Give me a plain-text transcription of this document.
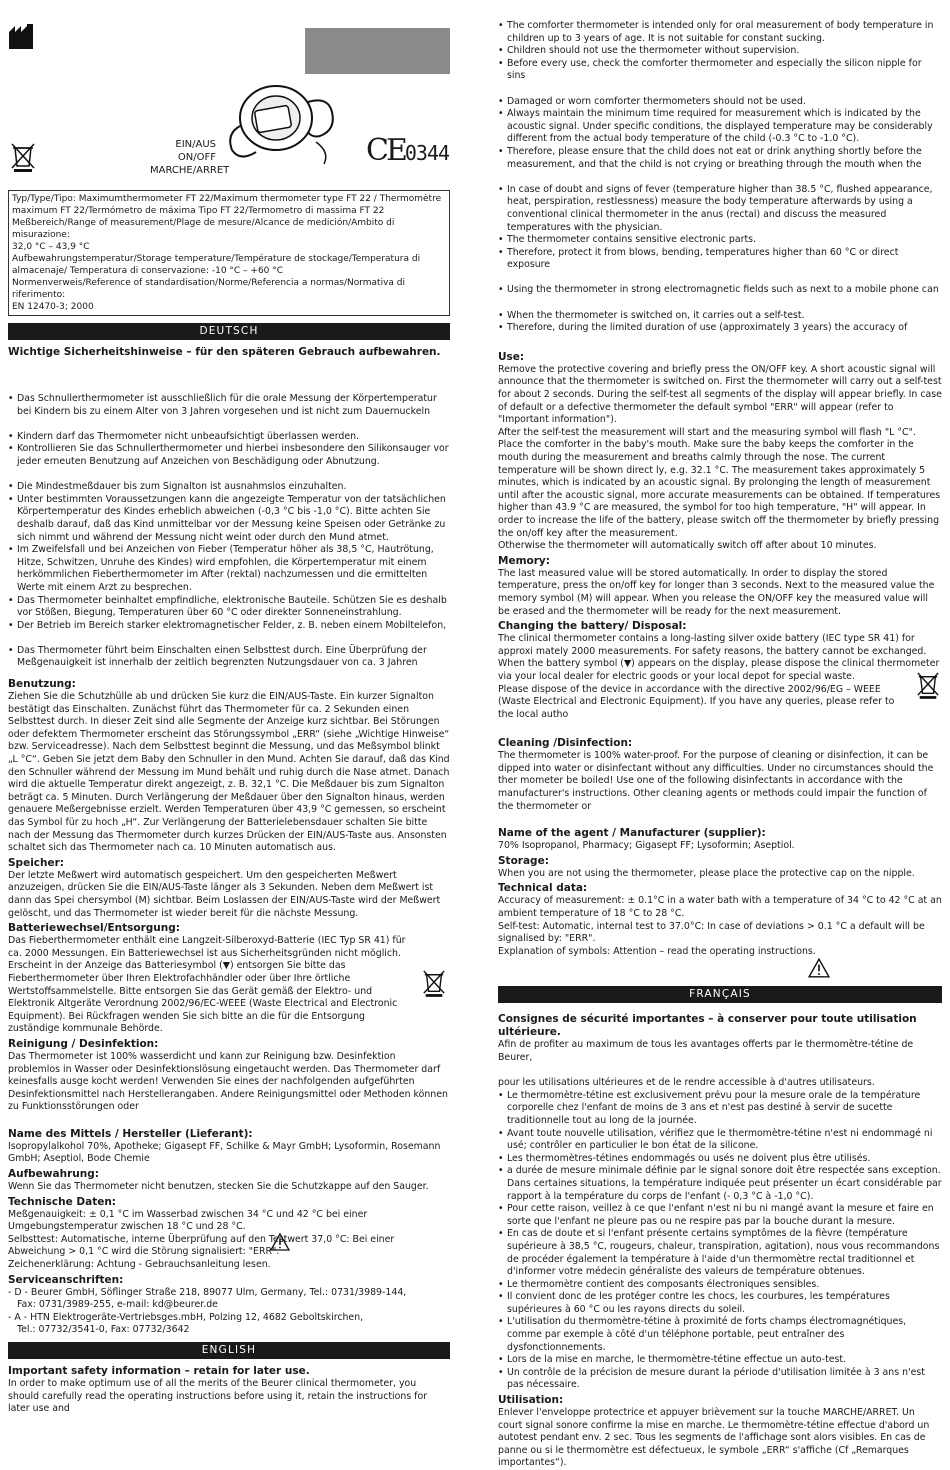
EIN/AUS
ON/OFF
MARCHE/ARRET
CE0344
Typ/Type/Tipo: Maximumthermometer FT 22/Maximum thermometer type FT 22 / Thermomètre maximum FT 22/Termómetro de máxima Tipo FT 22/Termometro di massima FT 22
Meßbereich/Range of measurement/Plage de mesure/Alcance de medición/Ambito di misurazione:
32,0 °C – 43,9 °C
Aufbewahrungstemperatur/Storage temperature/Température de stockage/Temperatura di almacenaje/ Temperatura di conservazione: -10 °C – +60 °C
Normenverweis/Reference of standardisation/Norme/Referencia a normas/Normativa di riferimento:
EN 12470-3; 2000
DEUTSCH
Wichtige Sicherheitshinweise – für den späteren Gebrauch aufbewahren.
• Das Schnullerthermometer ist ausschließlich für die orale Messung der Körpertemperatur bei Kindern bis zu einem Alter von 3 Jahren vorgesehen und ist nicht zum Dauernuckeln
• Kindern darf das Thermometer nicht unbeaufsichtigt überlassen werden.
• Kontrollieren Sie das Schnullerthermometer und hierbei insbesondere den Silikonsauger vor jeder erneuten Benutzung auf Anzeichen von Beschädigung oder Abnutzung.
• Die Mindestmeßdauer bis zum Signalton ist ausnahmslos einzuhalten.
• Unter bestimmten Voraussetzungen kann die angezeigte Temperatur von der tatsächlichen Körpertemperatur des Kindes erheblich abweichen (-0,3 °C bis -1,0 °C). Bitte achten Sie deshalb darauf, daß das Kind unmittelbar vor der Messung keine Speisen oder Getränke zu sich nimmt und während der Messung nicht weint oder durch den Mund atmet.
• Im Zweifelsfall und bei Anzeichen von Fieber (Temperatur höher als 38,5 °C, Hautrötung, Hitze, Schwitzen, Unruhe des Kindes) wird empfohlen, die Körpertemperatur mit einem herkömmlichen Fieberthermometer im After (rektal) nachzumessen und die ermittelten Werte mit einem Arzt zu besprechen.
• Das Thermometer beinhaltet empfindliche, elektronische Bauteile. Schützen Sie es deshalb vor Stößen, Biegung, Temperaturen über 60 °C oder direkter Sonneneinstrahlung.
• Der Betrieb im Bereich starker elektromagnetischer Felder, z. B. neben einem Mobiltelefon,
• Das Thermometer führt beim Einschalten einen Selbsttest durch. Eine Überprüfung der Meßgenauigkeit ist innerhalb der zeitlich begrenzten Nutzungsdauer von ca. 3 Jahren
Benutzung:

Ziehen Sie die Schutzhülle ab und drücken Sie kurz die EIN/AUS-Taste. Ein kurzer Signalton bestätigt das Einschalten. Zunächst führt das Thermometer für ca. 2 Sekunden einen Selbsttest durch. In dieser Zeit sind alle Segmente der Anzeige kurz sichtbar. Bei Störungen oder defektem Thermometer erscheint das Störungssymbol „ERR“ (siehe „Wichtige Hinweise“ bzw. Serviceadresse). Nach dem Selbsttest beginnt die Messung, und das Meßsymbol blinkt „L °C“. Geben Sie jetzt dem Baby den Schnuller in den Mund. Achten Sie darauf, daß das Kind den Schnuller während der Messung im Mund behält und ruhig durch die Nase atmet. Danach wird die aktuelle Temperatur direkt angezeigt, z. B. 32,1 °C. Die Meßdauer bis zum Signalton beträgt ca. 5 Minuten. Durch Verlängerung der Meßdauer über den Signalton hinaus, werden genauere Meßergebnisse erzielt. Werden Temperaturen über 43,9 °C gemessen, so erscheint das Symbol für zu hoch „H“. Zur Verlängerung der Batterielebensdauer schalten Sie bitte nach der Messung das Thermometer durch kurzes Drücken der EIN/AUS-Taste aus. Ansonsten schaltet sich das Thermometer nach ca. 10 Minuten automatisch aus.

Speicher:

Der letzte Meßwert wird automatisch gespeichert. Um den gespeicherten Meßwert anzuzeigen, drücken Sie die EIN/AUS-Taste länger als 3 Sekunden. Neben dem Meßwert ist dann das Spei chersymbol (M) sichtbar. Beim Loslassen der EIN/AUS-Taste wird der Meßwert gelöscht, und das Thermometer ist wieder bereit für die nächste Messung.

Batteriewechsel/Entsorgung:

Das Fieberthermometer enthält eine Langzeit-Silberoxyd-Batterie (IEC Typ SR 41) für ca. 2000 Messungen. Ein Batteriewechsel ist aus Sicherheitsgründen nicht möglich. Erscheint in der Anzeige das Batteriesymbol (▼) entsorgen Sie bitte das Fieberthermometer über Ihren Elektrofachhändler oder über Ihre örtliche Wertstoffsammelstelle. Bitte entsorgen Sie das Gerät gemäß der Elektro- und Elektronik Altgeräte Verordnung 2002/96/EC-WEEE (Waste Electrical and Electronic Equipment). Bei Rückfragen wenden Sie sich bitte an die für die Entsorgung zuständige kommunale Behörde.

Reinigung / Desinfektion:

Das Thermometer ist 100% wasserdicht und kann zur Reinigung bzw. Desinfektion problemlos in Wasser oder Desinfektionslösung eingetaucht werden. Das Thermometer darf keinesfalls ausge kocht werden! Verwenden Sie eines der nachfolgenden aufgeführten Desinfektionsmittel nach Herstellerangaben. Andere Reinigungsmittel oder Methoden können zu Funktionsstörungen oder

Name des Mittels / Hersteller (Lieferant):

Isopropylalkohol 70%, Apotheke; Gigasept FF, Schilke & Mayr GmbH; Lysoformin, Rosemann GmbH; Aseptiol, Bode Chemie

Aufbewahrung:

Wenn Sie das Thermometer nicht benutzen, stecken Sie die Schutzkappe auf den Sauger.

Technische Daten:

Meßgenauigkeit: ± 0,1 °C im Wasserbad zwischen 34 °C und 42 °C bei einer Umgebungstemperatur zwischen 18 °C und 28 °C.

Selbsttest: Automatische, interne Überprüfung auf den Testwert 37,0 °C: Bei einer Abweichung > 0,1 °C wird die Störung signalisiert: "ERR".

Zeichenerklärung: Achtung - Gebrauchsanleitung lesen.

Serviceanschriften:

- D - Beurer GmbH, Söflinger Straße 218, 89077 Ulm, Germany, Tel.: 0731/3989-144,

Fax: 0731/3989-255, e-mail: kd@beurer.de

- A - HTN Elektrogeräte-Vertriebsges.mbH, Polzing 12, 4682 Geboltskirchen,

Tel.: 07732/3541-0, Fax: 07732/3642

ENGLISH
Important safety information – retain for later use.

In order to make optimum use of all the merits of the Beurer clinical thermometer, you should carefully read the operating instructions before using it, retain the instructions for later use and

• The comforter thermometer is intended only for oral measurement of body temperature in children up to 3 years of age. It is not suitable for constant sucking.
• Children should not use the thermometer without supervision.
• Before every use, check the comforter thermometer and especially the silicon nipple for sins
• Damaged or worn comforter thermometers should not be used.
• Always maintain the minimum time required for measurement which is indicated by the acoustic signal. Under specific conditions, the displayed temperature may be considerably different from the actual body temperature of the child (-0.3 °C to -1.0 °C).
• Therefore, please ensure that the child does not eat or drink anything shortly before the measurement, and that the child is not crying or breathing through the mouth when the
• In case of doubt and signs of fever (temperature higher than 38.5 °C, flushed appearance, heat, perspiration, restlessness) measure the body temperature afterwards by using a conventional clinical thermometer in the anus (rectal) and discuss the measured temperatures with the physician.
• The thermometer contains sensitive electronic parts.
• Therefore, protect it from blows, bending, temperatures higher than 60 °C or direct exposure
• Using the thermometer in strong electromagnetic fields such as next to a mobile phone can
• When the thermometer is switched on, it carries out a self-test.
• Therefore, during the limited duration of use (approximately 3 years) the accuracy of
Use:

Remove the protective covering and briefly press the ON/OFF key. A short acoustic signal will announce that the thermometer is switched on. First the thermometer will carry out a self-test for about 2 seconds. During the self-test all segments of the display will appear briefly. In case of default or a defective thermometer the default symbol "ERR" will appear (refer to "Important information").

After the self-test the measurement will start and the measuring symbol will flash "L °C". Place the comforter in the baby's mouth. Make sure the baby keeps the comforter in the mouth during the measurement and breaths calmly through the nose. The current temperature will be shown direct ly, e.g. 32.1 °C. The measurement takes approximately 5 minutes, which is indicated by an acoustic signal. By prolonging the length of measurement until after the acoustic signal, more accurate measurements can be obtained. If temperatures higher than 43.9 °C are measured, the symbol for too high temperature, "H" will appear. In order to increase the life of the battery, please switch off the thermometer by briefly pressing the on/off key after the measurement.

Otherwise the thermometer will automatically switch off after about 10 minutes.

Memory:

The last measured value will be stored automatically. In order to display the stored temperature, press the on/off key for longer than 3 seconds. Next to the measured value the memory symbol (M) will appear. When you release the ON/OFF key the measured value will be erased and the thermometer will be ready for the next measurement.

Changing the battery/ Disposal:

The clinical thermometer contains a long-lasting silver oxide battery (IEC type SR 41) for approxi mately 2000 measurements. For safety reasons, the battery cannot be exchanged.

When the battery symbol (▼) appears on the display, please dispose the clinical thermometer via your local dealer for electric goods or your local depot for special waste.

Please dispose of the device in accordance with the directive 2002/96/EG – WEEE (Waste Electrical and Electronic Equipment). If you have any queries, please refer to the local autho

Cleaning /Disinfection:

The thermometer is 100% water-proof. For the purpose of cleaning or disinfection, it can be dipped into water or disinfectant without any difficulties. Under no circumstances should the ther mometer be boiled! Use one of the following disinfectants in accordance with the manufacturer's instructions. Other cleaning agents or methods could impair the function of the thermometer or

Name of the agent / Manufacturer (supplier):

70% Isopropanol, Pharmacy; Gigasept FF; Lysoformin; Aseptiol.

Storage:

When you are not using the thermometer, please place the protective cap on the nipple.

Technical data:

Accuracy of measurement: ± 0.1°C in a water bath with a temperature of 34 °C to 42 °C at an ambient temperature of 18 °C to 28 °C.

Self-test: Automatic, internal test to 37.0°C: In case of deviations > 0.1 °C a default will be signalised by: "ERR".

Explanation of symbols: Attention – read the operating instructions.

FRANÇAIS
Consignes de sécurité importantes – à conserver pour toute utilisation ultérieure.

Afin de profiter au maximum de tous les avantages offerts par le thermomètre-tétine de Beurer,

pour les utilisations ultérieures et de le rendre accessible à d'autres utilisateurs.

• Le thermomètre-tétine est exclusivement prévu pour la mesure orale de la température corporelle chez l'enfant de moins de 3 ans et n'est pas destiné à servir de sucette traditionnelle tout au long de la journée.
• Avant toute nouvelle utilisation, vérifiez que le thermomètre-tétine n'est ni endommagé ni usé; contrôler en particulier le bon état de la silicone.
• Les thermomètres-tétines endommagés ou usés ne doivent plus être utilisés.
• a durée de mesure minimale définie par le signal sonore doit être respectée sans exception. Dans certaines situations, la température indiquée peut présenter un écart considérable par rapport à la température du corps de l'enfant (- 0,3 °C à -1,0 °C).
• Pour cette raison, veillez à ce que l'enfant n'est ni bu ni mangé avant la mesure et faire en sorte que l'enfant ne pleure pas ou ne respire pas par la bouche durant la mesure.
• En cas de doute et si l'enfant présente certains symptômes de la fièvre (température supérieure à 38,5 °C, rougeurs, chaleur, transpiration, agitation), nous vous recommandons de procéder également la température à l'aide d'un thermomètre rectal traditionnel et d'informer votre médecin généraliste des valeurs de température obtenues.
• Le thermomètre contient des composants électroniques sensibles.
• Il convient donc de les protéger contre les chocs, les courbures, les températures supérieures à 60 °C ou les rayons directs du soleil.
• L'utilisation du thermomètre-tétine à proximité de forts champs électromagnétiques, comme par exemple à côté d'un téléphone portable, peut entraîner des dysfonctionnements.
• Lors de la mise en marche, le thermomètre-tétine effectue un auto-test.
• Un contrôle de la précision de mesure durant la période d'utilisation limitée à 3 ans n'est pas nécessaire.
Utilisation:

Enlever l'enveloppe protectrice et appuyer brièvement sur la touche MARCHE/ARRET. Un court signal sonore confirme la mise en marche. Le thermomètre-tétine effectue d'abord un autotest pendant env. 2 sec. Tous les segments de l'affichage sont alors visibles. En cas de panne ou si le thermomètre est défectueux, le symbole „ERR“ s'affiche (Cf „Remarques importantes“).
